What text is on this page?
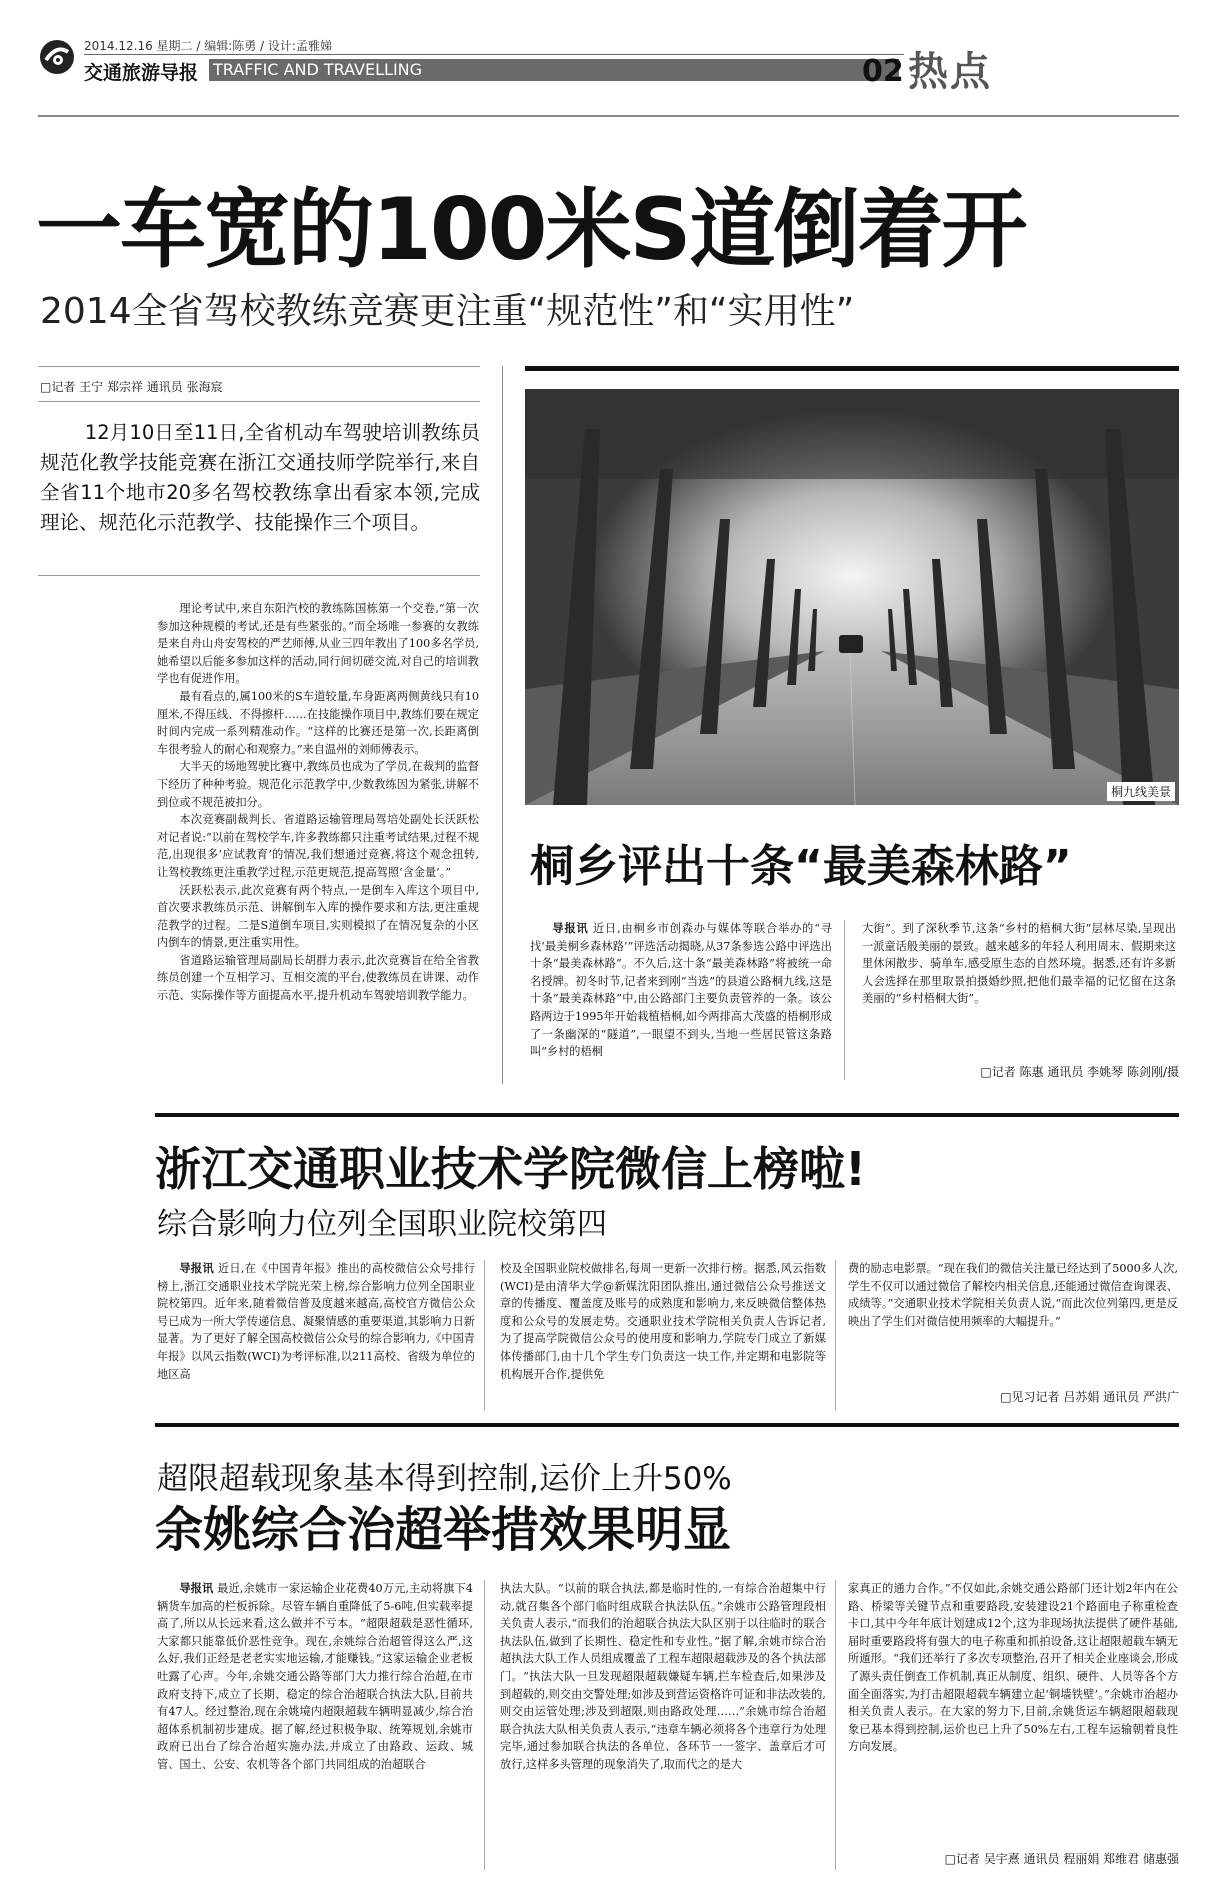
2014.12.16 星期二 / 编辑:陈勇 / 设计:孟雅娣
交通旅游导报 TRAFFIC AND TRAVELLING	02 热点
一车宽的100米S道倒着开
2014全省驾校教练竞赛更注重“规范性”和“实用性”
□记者 王宁 郑宗祥 通讯员 张海宸
12月10日至11日,全省机动车驾驶培训教练员规范化教学技能竞赛在浙江交通技师学院举行,来自全省11个地市20多名驾校教练拿出看家本领,完成理论、规范化示范教学、技能操作三个项目。

理论考试中,来自东阳汽校的教练陈国栋第一个交卷,“第一次参加这种规模的考试,还是有些紧张的。”而全场唯一参赛的女教练是来自舟山舟安驾校的严艺师傅,从业三四年教出了100多名学员,她希望以后能多参加这样的活动,同行间切磋交流,对自己的培训教学也有促进作用。

最有看点的,属100米的S车道较量,车身距离两侧黄线只有10厘米,不得压线、不得擦杆……在技能操作项目中,教练们要在规定时间内完成一系列精准动作。“这样的比赛还是第一次,长距离倒车很考验人的耐心和观察力。”来自温州的刘师傅表示。

大半天的场地驾驶比赛中,教练员也成为了学员,在裁判的监督下经历了种种考验。规范化示范教学中,少数教练因为紧张,讲解不到位或不规范被扣分。

本次竞赛副裁判长、省道路运输管理局驾培处副处长沃跃松对记者说:“以前在驾校学车,许多教练都只注重考试结果,过程不规范,出现很多‘应试教育’的情况,我们想通过竞赛,将这个观念扭转,让驾校教练更注重教学过程,示范更规范,提高驾照‘含金量’。”

沃跃松表示,此次竞赛有两个特点,一是倒车入库这个项目中,首次要求教练员示范、讲解倒车入库的操作要求和方法,更注重规范教学的过程。二是S道倒车项目,实则模拟了在情况复杂的小区内倒车的情景,更注重实用性。

省道路运输管理局副局长胡群力表示,此次竞赛旨在给全省教练员创建一个互相学习、互相交流的平台,使教练员在讲课、动作示范、实际操作等方面提高水平,提升机动车驾驶培训教学能力。

桐九线美景
桐乡评出十条“最美森林路”

导报讯 近日,由桐乡市创森办与媒体等联合举办的“寻找‘最美桐乡森林路’”评选活动揭晓,从37条参选公路中评选出十条“最美森林路”。不久后,这十条“最美森林路”将被统一命名授牌。初冬时节,记者来到刚“当选”的县道公路桐九线,这是十条“最美森林路”中,由公路部门主要负责管养的一条。该公路两边于1995年开始栽植梧桐,如今两排高大茂盛的梧桐形成了一条幽深的“隧道”,一眼望不到头,当地一些居民管这条路叫“乡村的梧桐

大街”。到了深秋季节,这条“乡村的梧桐大街”层林尽染,呈现出一派童话般美丽的景致。越来越多的年轻人利用周末、假期来这里休闲散步、骑单车,感受原生态的自然环境。据悉,还有许多新人会选择在那里取景拍摄婚纱照,把他们最幸福的记忆留在这条美丽的“乡村梧桐大街”。

□记者 陈惠 通讯员 李姚琴 陈剑刚/摄
浙江交通职业技术学院微信上榜啦!
综合影响力位列全国职业院校第四

导报讯 近日,在《中国青年报》推出的高校微信公众号排行榜上,浙江交通职业技术学院光荣上榜,综合影响力位列全国职业院校第四。近年来,随着微信普及度越来越高,高校官方微信公众号已成为一所大学传递信息、凝聚情感的重要渠道,其影响力日新显著。为了更好了解全国高校微信公众号的综合影响力,《中国青年报》以风云指数(WCI)为考评标准,以211高校、省级为单位的地区高

校及全国职业院校做排名,每周一更新一次排行榜。据悉,风云指数(WCI)是由清华大学@新媒沈阳团队推出,通过微信公众号推送文章的传播度、覆盖度及账号的成熟度和影响力,来反映微信整体热度和公众号的发展走势。交通职业技术学院相关负责人告诉记者,为了提高学院微信公众号的使用度和影响力,学院专门成立了新媒体传播部门,由十几个学生专门负责这一块工作,并定期和电影院等机构展开合作,提供免

费的励志电影票。“现在我们的微信关注量已经达到了5000多人次,学生不仅可以通过微信了解校内相关信息,还能通过微信查询课表、成绩等。”交通职业技术学院相关负责人说,“而此次位列第四,更是反映出了学生们对微信使用频率的大幅提升。”

□见习记者 吕苏娟 通讯员 严洪广
超限超载现象基本得到控制,运价上升50%
余姚综合治超举措效果明显

导报讯 最近,余姚市一家运输企业花费40万元,主动将旗下4辆货车加高的栏板拆除。尽管车辆自重降低了5-6吨,但实载率提高了,所以从长远来看,这么做并不亏本。“超限超载是恶性循环,大家都只能靠低价恶性竞争。现在,余姚综合治超管得这么严,这么好,我们正经是老老实实地运输,才能赚钱。”这家运输企业老板吐露了心声。今年,余姚交通公路等部门大力推行综合治超,在市政府支持下,成立了长期、稳定的综合治超联合执法大队,目前共有47人。经过整治,现在余姚境内超限超载车辆明显减少,综合治超体系机制初步建成。据了解,经过积极争取、统筹规划,余姚市政府已出台了综合治超实施办法,并成立了由路政、运政、城管、国土、公安、农机等各个部门共同组成的治超联合

执法大队。“以前的联合执法,都是临时性的,一有综合治超集中行动,就召集各个部门临时组成联合执法队伍。”余姚市公路管理段相关负责人表示,“而我们的治超联合执法大队区别于以往临时的联合执法队伍,做到了长期性、稳定性和专业性。”据了解,余姚市综合治超执法大队工作人员组成覆盖了工程车超限超载涉及的各个执法部门。“执法大队一旦发现超限超载嫌疑车辆,拦车检查后,如果涉及到超载的,则交由交警处理;如涉及到营运资格许可证和非法改装的,则交由运管处理;涉及到超限,则由路政处理……”余姚市综合治超联合执法大队相关负责人表示,“违章车辆必须将各个违章行为处理完毕,通过参加联合执法的各单位、各环节一一签字、盖章后才可放行,这样多头管理的现象消失了,取而代之的是大

家真正的通力合作。”不仅如此,余姚交通公路部门还计划2年内在公路、桥梁等关键节点和重要路段,安装建设21个路面电子称重检查卡口,其中今年年底计划建成12个,这为非现场执法提供了硬件基础,届时重要路段将有强大的电子称重和抓拍设备,这让超限超载车辆无所遁形。“我们还举行了多次专项整治,召开了相关企业座谈会,形成了源头责任倒查工作机制,真正从制度、组织、硬件、人员等各个方面全面落实,为打击超限超载车辆建立起‘铜墙铁壁’。”余姚市治超办相关负责人表示。在大家的努力下,目前,余姚货运车辆超限超载现象已基本得到控制,运价也已上升了50%左右,工程车运输朝着良性方向发展。

□记者 吴宇熹 通讯员 程丽娟 郑维君 储惠强
